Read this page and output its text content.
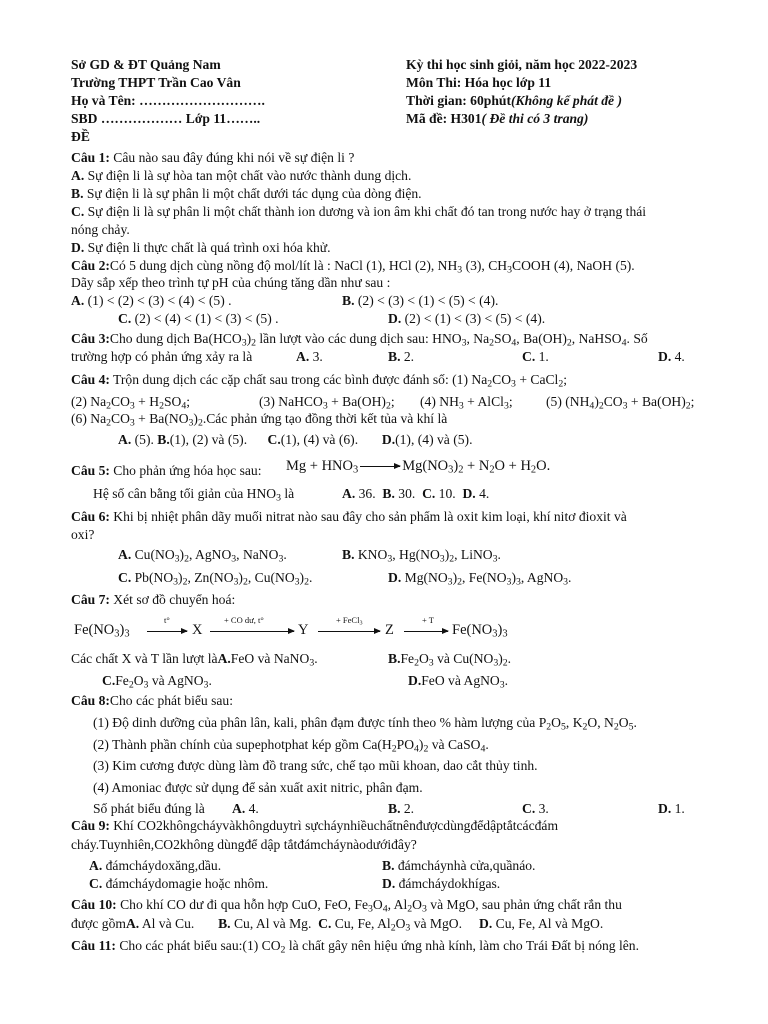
Sở GD & ĐT Quảng Nam
Trường THPT Trần Cao Vân
Họ và Tên: ……………………….
SBD ……………… Lớp 11……..
ĐỀ
Kỳ thi học sinh giỏi, năm học 2022-2023
Môn Thi: Hóa học lớp 11
Thời gian: 60phút(Không kể phát đề )
Mã đề: H301( Đề thi có 3 trang)
Câu 1: Câu nào sau đây đúng khi nói về sự điện li ?
A. Sự điện li là sự hòa tan một chất vào nước thành dung dịch.
B. Sự điện li là sự phân li một chất dưới tác dụng của dòng điện.
C. Sự điện li là sự phân li một chất thành ion dương và ion âm khi chất đó tan trong nước hay ở trạng thái
nóng chảy.
D. Sự điện li thực chất là quá trình oxi hóa khử.
Câu 2:Có 5 dung dịch cùng nồng độ mol/lít là : NaCl (1), HCl (2), $NH_3$ (3), $CH_3COOH$ (4), NaOH (5).
Dãy sắp xếp theo trình tự pH của chúng tăng dần như sau :
A. (1) < (2) < (3) < (4) < (5) .	B. (2) < (3) < (1) < (5) < (4).
C. (2) < (4) < (1) < (3) < (5) .	D. (2) < (1) < (3) < (5) < (4).
Câu 3:Cho dung dịch $Ba(HCO_3)_2$ lần lượt vào các dung dịch sau: $HNO_3$, $Na_2SO_4$, $Ba(OH)_2$, NaHSO$_4$. Số
trường hợp có phản ứng xảy ra là	A. 3.	B. 2.	C. 1.	D. 4.
Câu 4: Trộn dung dịch các cặp chất sau trong các bình được đánh số: (1) $Na_2CO_3$ + CaCl$_2$;
(2) $Na_2CO_3 + H_2SO_4$;	(3) NaHCO$_3$ + $Ba(OH)_2$; (4) $NH_3$ + AlCl$_3$; (5) $(NH_4)_2CO_3 + Ba(OH)_2$;
(6) $Na_2CO_3$ + $Ba(NO_3)_2.Các$ phản ứng tạo đồng thời kết tủa và khí là
A. (5). B.(1), (2) và (5).      C.(1), (4) và (6).       D.(1), (4) và (5).
Câu 5: Cho phản ứng hóa học sau: $Mg + HNO_3$	$Mg(NO_3)_2 + N_2O + H_2O$.
Hệ số cân bằng tối giản của $HNO_3$ là	A. 36. B. 30. C. 10. D. 4.
Câu 6: Khi bị nhiệt phân dãy muối nitrat nào sau đây cho sản phẩm là oxit kim loại, khí nitơ đioxit và
oxi?
A. $Cu(NO_3)_2$, AgNO$_3$, NaNO$_3$.	B. $KNO_3$, $Hg(NO_3)_2$, LiNO$_3$.
C. $Pb(NO_3)_2$, $Zn(NO_3)_2$, $Cu(NO_3)_2$.	D. $Mg(NO_3)_2$, $Fe(NO_3)_3$, AgNO$_3$.
Câu 7: Xét sơ đồ chuyển hoá:
$Fe(NO_3)_3$
t°
X
+ CO dư, t°
Y
+ FeCl$_3$ Z
+ T
$Fe(NO_3)_3$
Các chất X và T lần lượt làA.FeO và NaNO$_3$.	$B.Fe_2O_3$ và $Cu(NO_3)_2$.
$C.Fe_2O_3$ và AgNO$_3$.	D.FeO và AgNO$_3$.
Câu 8:Cho các phát biểu sau:
(1) Độ dinh dưỡng của phân lân, kali, phân đạm được tính theo % hàm lượng của $P_2O_5$, $K_2O$, $N_2O_5$.
(2) Thành phần chính của supephotphat kép gồm $Ca(H_2PO_4)_2$ và CaSO$_4$.
(3) Kim cương được dùng làm đồ trang sức, chế tạo mũi khoan, dao cắt thủy tinh.
(4) Amoniac được sử dụng để sản xuất axit nitric, phân đạm.
Số phát biểu đúng là A. 4.	B. 2.	C. 3.	D. 1.
Câu 9: Khí CO2khôngcháyvàkhôngduytrì sựcháynhiềuchấtnênđượcdùngđểdậptắtcácđám
cháy.Tuynhiên,CO2không dùngđể dập tắtđámcháynàodướiđây?
A. đámcháydoxăng,dầu.	B. đámcháynhà cửa,quầnáo.
C. đámcháydomagie hoặc nhôm.	D. đámcháydokhígas.
Câu 10: Cho khí CO dư đi qua hỗn hợp CuO, FeO, $Fe_3O_4$, $Al_2O_3$ và MgO, sau phản ứng chất rắn thu
được gồmA. Al và Cu.       B. Cu, Al và Mg.  C. Cu, Fe, $Al_2O_3$ và MgO.     D. Cu, Fe, Al và MgO.
Câu 11: Cho các phát biểu sau:(1) $CO_2$ là chất gây nên hiệu ứng nhà kính, làm cho Trái Đất bị nóng lên.
